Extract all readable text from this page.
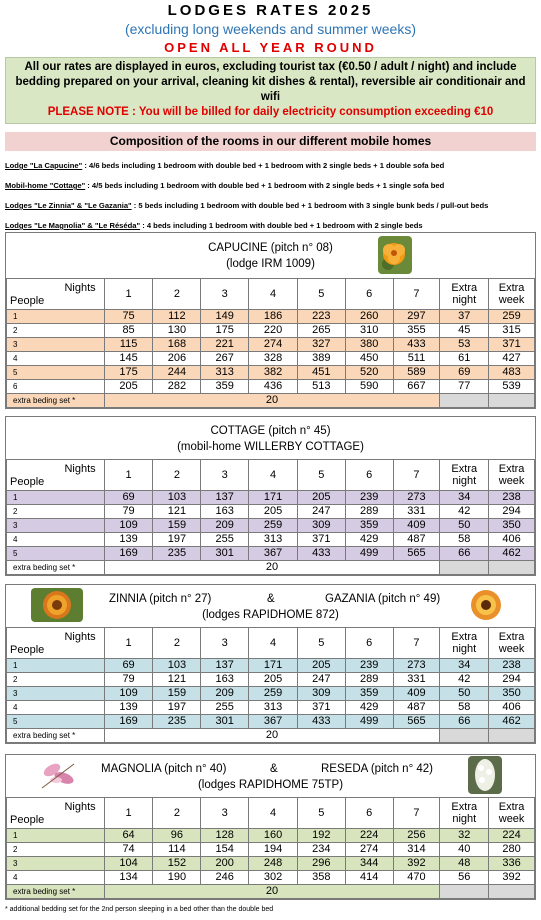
LODGES RATES 2025
(excluding long weekends and summer weeks)
OPEN ALL YEAR ROUND
All our rates are displayed in euros, excluding tourist tax (€0.50 / adult / night) and include bedding prepared on your arrival, cleaning kit dishes & rental), reversible air conditionair and wifi
PLEASE NOTE : You will be billed for daily electricity consumption exceeding €10
Composition of the rooms in our different mobile homes
Lodge "La Capucine" : 4/6 beds including 1 bedroom with double bed + 1 bedroom with 2 single beds + 1 double sofa bed
Mobil-home "Cottage" : 4/5 beds including 1 bedroom with double bed + 1 bedroom with 2 single beds + 1 single sofa bed
Lodges "Le Zinnia" & "Le Gazania" : 5 beds including 1 bedroom with double bed + 1 bedroom with 3 single bunk beds / pull-out beds
Lodges "Le Magnolia" & "Le Réséda" : 4 beds including 1 bedroom with double bed + 1 bedroom with 2 single beds
CAPUCINE (pitch n° 08)
(lodge IRM 1009)
Nights
People	1	2	3	4	5	6	7	Extra night	Extra week
1	75	112	149	186	223	260	297	37	259
2	85	130	175	220	265	310	355	45	315
3	115	168	221	274	327	380	433	53	371
4	145	206	267	328	389	450	511	61	427
5	175	244	313	382	451	520	589	69	483
6	205	282	359	436	513	590	667	77	539
extra beding set *	20								
COTTAGE (pitch n° 45)
(mobil-home WILLERBY COTTAGE)
Nights
People	1	2	3	4	5	6	7	Extra night	Extra week
1	69	103	137	171	205	239	273	34	238
2	79	121	163	205	247	289	331	42	294
3	109	159	209	259	309	359	409	50	350
4	139	197	255	313	371	429	487	58	406
5	169	235	301	367	433	499	565	66	462
extra beding set *	20								
ZINNIA (pitch n° 27)	&	GAZANIA (pitch n° 49)
(lodges RAPIDHOME 872)
Nights
People	1	2	3	4	5	6	7	Extra night	Extra week
1	69	103	137	171	205	239	273	34	238
2	79	121	163	205	247	289	331	42	294
3	109	159	209	259	309	359	409	50	350
4	139	197	255	313	371	429	487	58	406
5	169	235	301	367	433	499	565	66	462
extra beding set *	20								
MAGNOLIA (pitch n° 40)	&	RESEDA (pitch n° 42)
(lodges RAPIDHOME 75TP)
Nights
People	1	2	3	4	5	6	7	Extra night	Extra week
1	64	96	128	160	192	224	256	32	224
2	74	114	154	194	234	274	314	40	280
3	104	152	200	248	296	344	392	48	336
4	134	190	246	302	358	414	470	56	392
extra beding set *	20								
* additional bedding set for the 2nd person sleeping in a bed other than the double bed
